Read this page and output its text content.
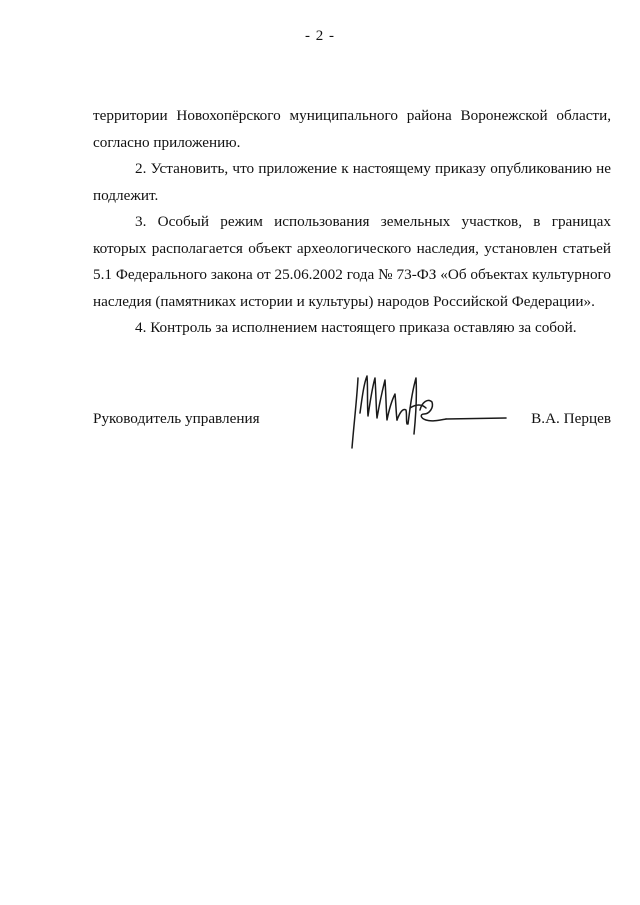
- 2 -

территории Новохопёрского муниципального района Воронежской области, согласно приложению.

2. Установить, что приложение к настоящему приказу опубликованию не подлежит.

3. Особый режим использования земельных участков, в границах которых располагается объект археологического наследия, установлен статьей 5.1 Федерального закона от 25.06.2002 года № 73-ФЗ «Об объектах культурного наследия (памятниках истории и культуры) народов Российской Федерации».

4. Контроль за исполнением настоящего приказа оставляю за собой.

Руководитель управления	В.А. Перцев
